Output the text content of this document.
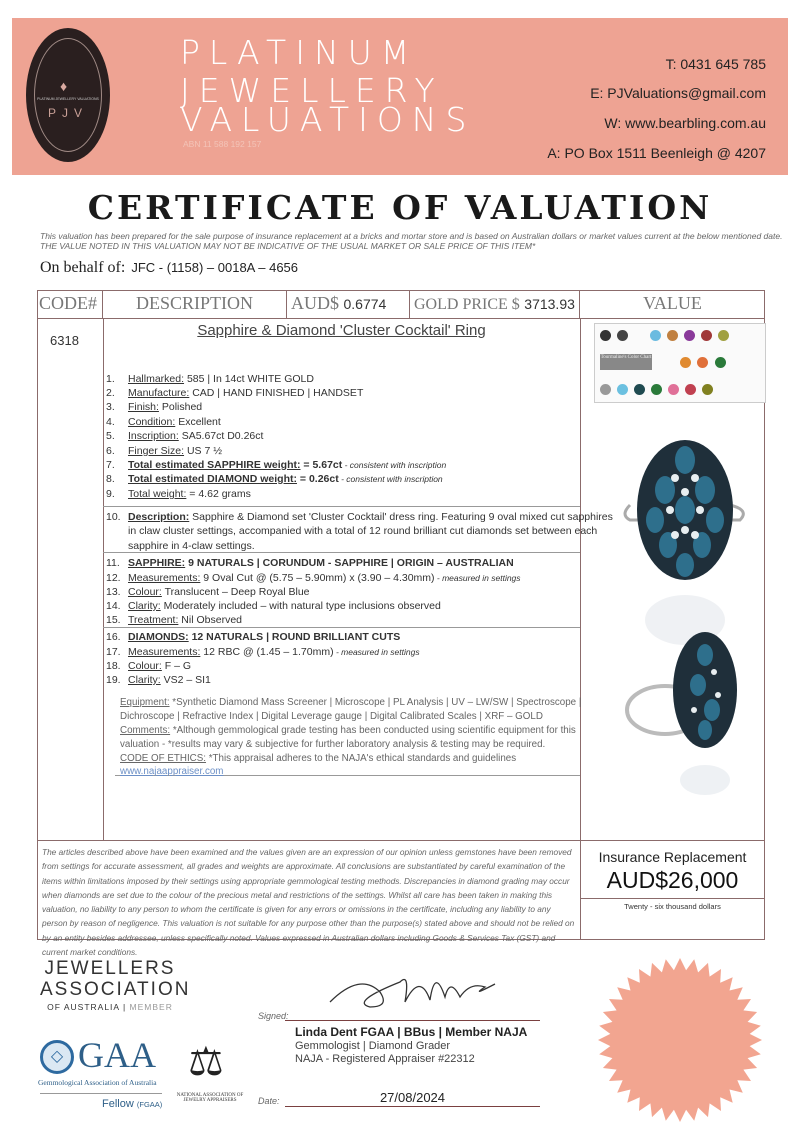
♦
PLATINUM JEWELLERY VALUATIONS
PJV
PLATINUM
JEWELLERY
VALUATIONS
ABN 11 588 192 157
T: 0431 645 785
E: PJValuations@gmail.com
W: www.bearbling.com.au
A: PO Box 1511 Beenleigh @ 4207
CERTIFICATE OF VALUATION
This valuation has been prepared for the sale purpose of insurance replacement at a bricks and mortar store and is based on Australian dollars or market values current at the below mentioned date.
THE VALUE NOTED IN THIS VALUATION MAY NOT BE INDICATIVE OF THE USUAL MARKET OR SALE PRICE OF THIS ITEM*
On behalf of: JFC - (1158) – 0018A – 4656
CODE#	DESCRIPTION	AUD$ 0.6774	GOLD PRICE $ 3713.93	VALUE
6318
Sapphire & Diamond 'Cluster Cocktail' Ring
1. Hallmarked: 585 | In 14ct WHITE GOLD
2. Manufacture: CAD | HAND FINISHED | HANDSET
3. Finish: Polished
4. Condition: Excellent
5. Inscription: SA5.67ct D0.26ct
6. Finger Size: US 7 ½
7. Total estimated SAPPHIRE weight: = 5.67ct - consistent with inscription
8. Total estimated DIAMOND weight: = 0.26ct - consistent with inscription
9. Total weight: = 4.62 grams
10. Description: Sapphire & Diamond set 'Cluster Cocktail' dress ring. Featuring 9 oval mixed cut sapphires
in claw cluster settings, accompanied with a total of 12 round brilliant cut diamonds set between each
sapphire in 4-claw settings.
11. SAPPHIRE: 9 NATURALS | CORUNDUM - SAPPHIRE | ORIGIN – AUSTRALIAN
12. Measurements: 9 Oval Cut @ (5.75 – 5.90mm) x (3.90 – 4.30mm) - measured in settings
13. Colour: Translucent – Deep Royal Blue
14. Clarity: Moderately included – with natural type inclusions observed
15. Treatment: Nil Observed
16. DIAMONDS: 12 NATURALS | ROUND BRILLIANT CUTS
17. Measurements: 12 RBC @ (1.45 – 1.70mm) - measured in settings
18. Colour: F – G
19. Clarity: VS2 – SI1
Equipment: *Synthetic Diamond Mass Screener | Microscope | PL Analysis | UV – LW/SW | Spectroscope |
Dichroscope | Refractive Index | Digital Leverage gauge | Digital Calibrated Scales | XRF – GOLD
Comments: *Although gemmological grade testing has been conducted using scientific equipment for this
valuation - *results may vary & subjective for further laboratory analysis & testing may be required.
CODE OF ETHICS: *This appraisal adheres to the NAJA's ethical standards and guidelines
www.najaappraiser.com
Tourmaline's Color Chart
The articles described above have been examined and the values given are an expression of our opinion unless gemstones have been removed from settings for accurate assessment, all grades and weights are approximate. All conclusions are substantiated by careful examination of the items within limitations imposed by their settings using appropriate gemmological testing methods. Discrepancies in diamond grading may occur when diamonds are set due to the colour of the precious metal and restrictions of the settings. Whilst all care has been taken in making this valuation, no liability to any person to whom the certificate is given for any errors or omissions in the certificate, including any liability to any person by reason of negligence. This valuation is not suitable for any purpose other than the purpose(s) stated above and should not be relied on by an entity besides addressee, unless specifically noted. Values expressed in Australian dollars including Goods & Services Tax (GST) and current market conditions.
Insurance Replacement
AUD$26,000
Twenty - six thousand dollars
JEWELLERS
ASSOCIATION
OF AUSTRALIA | MEMBER
◇ GAA
Gemmological Association of Australia
Fellow (FGAA)
⚖
NATIONAL ASSOCIATION OF JEWELRY APPRAISERS
Signed:
Linda Dent FGAA | BBus | Member NAJA
Gemmologist | Diamond Grader
NAJA - Registered Appraiser #22312
Date:	27/08/2024
